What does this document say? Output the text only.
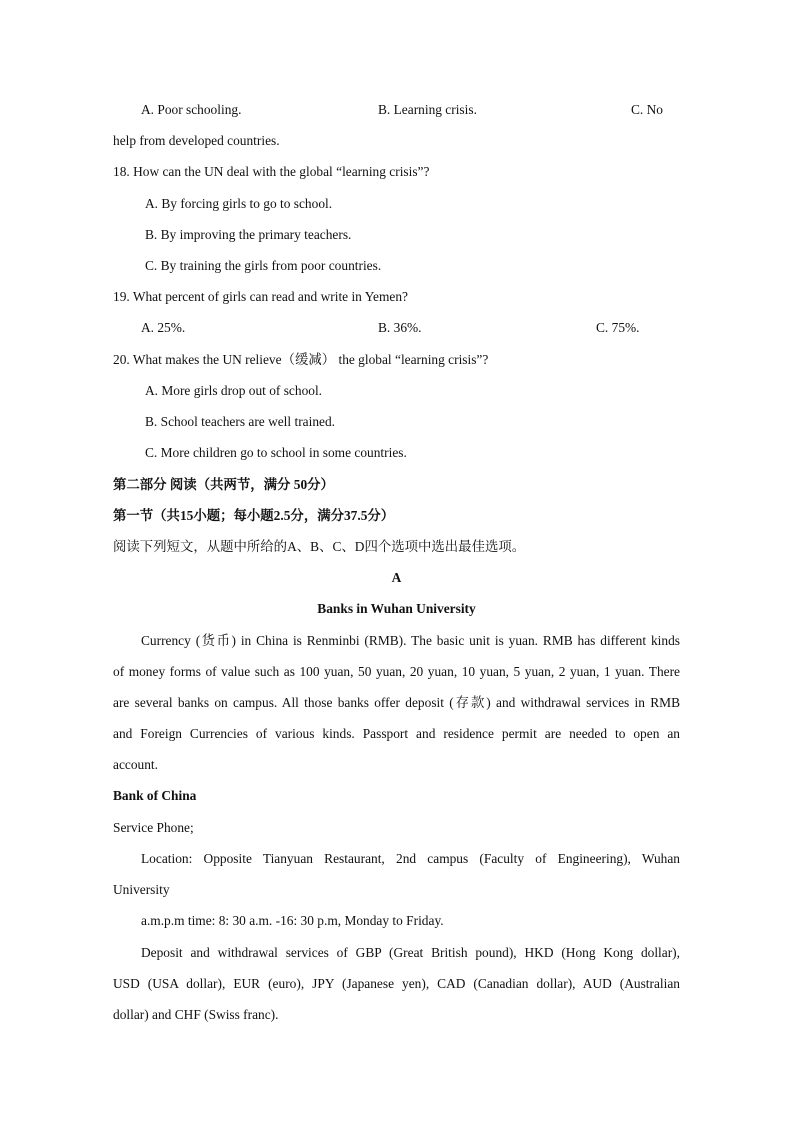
A. Poor schooling.	B. Learning crisis.	C. No
help from developed countries.
18. How can the UN deal with the global “learning crisis”?
A. By forcing girls to go to school.
B. By improving the primary teachers.
C. By training the girls from poor countries.
19. What percent of girls can read and write in Yemen?
A. 25%.	B. 36%.	C. 75%.
20. What makes the UN relieve（缓减） the global “learning crisis”?
A. More girls drop out of school.
B. School teachers are well trained.
C. More children go to school in some countries.
第二部分 阅读（共两节，满分 50分）
第一节（共15小题；每小题2.5分，满分37.5分）
阅读下列短文，从题中所给的A、B、C、D四个选项中选出最佳选项。
A
Banks in Wuhan University
Currency (货币) in China is Renminbi (RMB). The basic unit is yuan. RMB has different kinds
of money forms of value such as 100 yuan, 50 yuan, 20 yuan, 10 yuan, 5 yuan, 2 yuan, 1 yuan. There
are several banks on campus. All those banks offer deposit (存款) and withdrawal services in RMB
and Foreign Currencies of various kinds. Passport and residence permit are needed to open an
account.
Bank of China
Service Phone;
Location: Opposite Tianyuan Restaurant, 2nd campus (Faculty of Engineering), Wuhan
University
a.m.p.m time: 8: 30 a.m. -16: 30 p.m, Monday to Friday.
Deposit and withdrawal services of GBP (Great British pound), HKD (Hong Kong dollar),
USD (USA dollar), EUR (euro), JPY (Japanese yen), CAD (Canadian dollar), AUD (Australian
dollar) and CHF (Swiss franc).
